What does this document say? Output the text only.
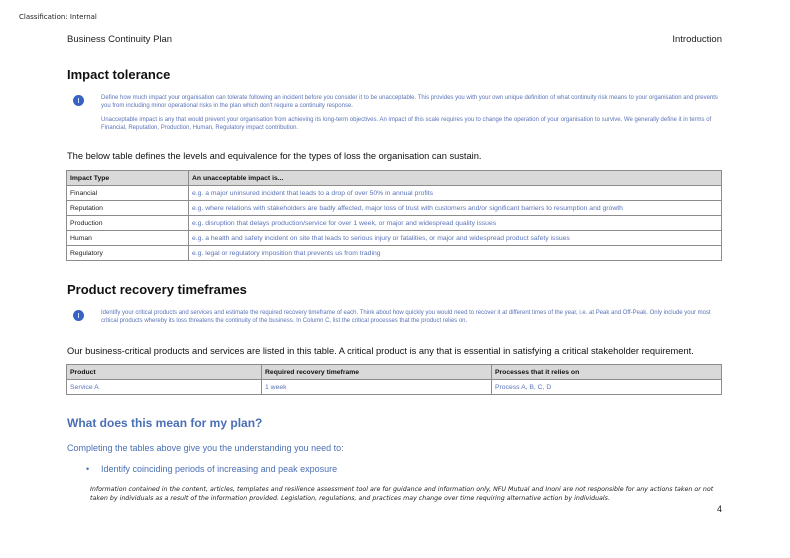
Classification: Internal
Business Continuity Plan	Introduction
Impact tolerance
Define how much impact your organisation can tolerate following an incident before you consider it to be unacceptable. This provides you with your own unique definition of what continuity risk means to your organisation and prevents you from including minor operational risks in the plan which don't require a continuity response.
Unacceptable impact is any that would prevent your organisation from achieving its long-term objectives. An impact of this scale requires you to change the operation of your organisation to survive. We generally define it in terms of Financial, Reputation, Production, Human, Regulatory impact contribution.
The below table defines the levels and equivalence for the types of loss the organisation can sustain.
Impact Type	An unacceptable impact is...
Financial	e.g. a major uninsured incident that leads to a drop of over 50% in annual profits
Reputation	e.g. where relations with stakeholders are badly affected, major loss of trust with customers and/or significant barriers to resumption and growth
Production	e.g. disruption that delays production/service for over 1 week, or major and widespread quality issues
Human	e.g. a health and safety incident on site that leads to serious injury or fatalities, or major and widespread product safety issues
Regulatory	e.g. legal or regulatory imposition that prevents us from trading
Product recovery timeframes
Identify your critical products and services and estimate the required recovery timeframe of each. Think about how quickly you would need to recover it at different times of the year, i.e. at Peak and Off-Peak. Only include your most critical products whereby its loss threatens the continuity of the business. In Column C, list the critical processes that the product relies on.
Our business-critical products and services are listed in this table. A critical product is any that is essential in satisfying a critical stakeholder requirement.
Product	Required recovery timeframe	Processes that it relies on
Service A	1 week	Process A, B, C, D
What does this mean for my plan?
Completing the tables above give you the understanding you need to:
• Identify coinciding periods of increasing and peak exposure
Information contained in the content, articles, templates and resilience assessment tool are for guidance and information only, NFU Mutual and Inoni are not responsible for any actions taken or not taken by individuals as a result of the information provided. Legislation, regulations, and practices may change over time requiring alternative action by individuals.
4
